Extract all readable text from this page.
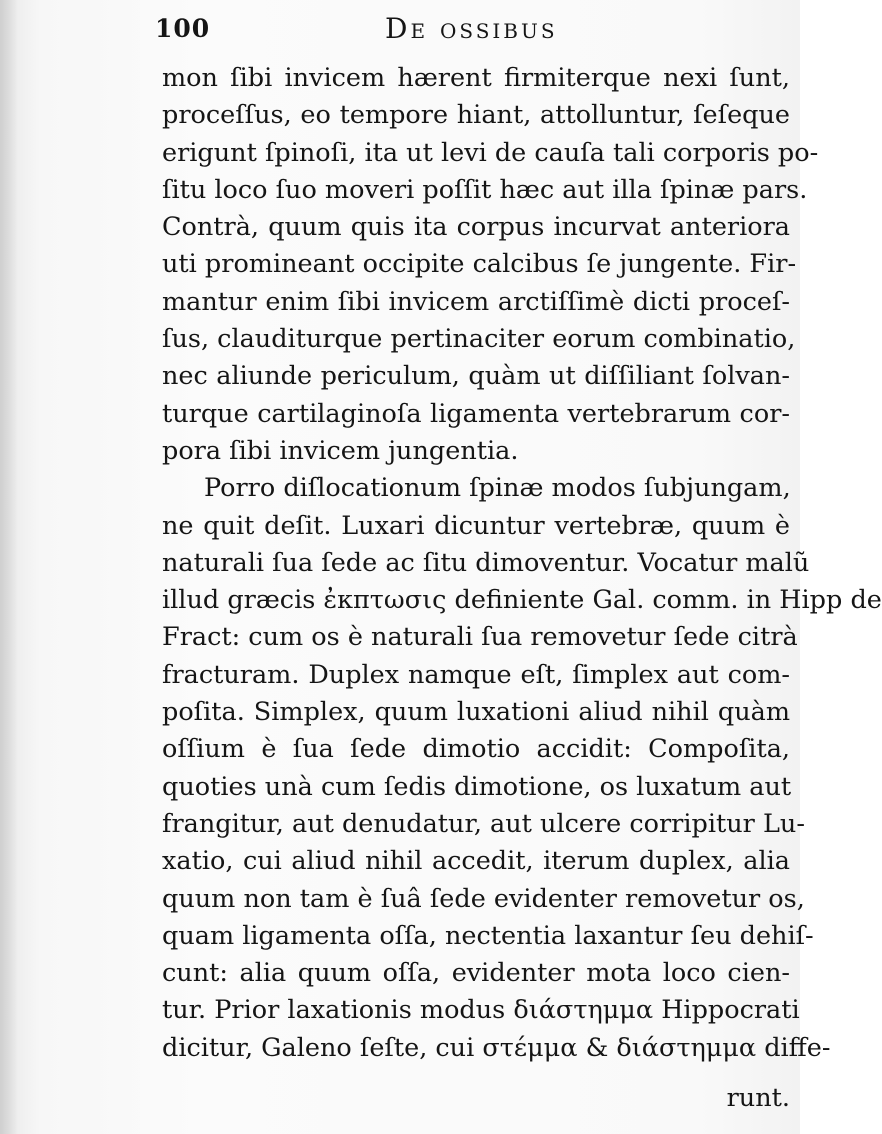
100	De ossibus
mon ſibi invicem hærent firmiterque nexi ſunt,
proceſſus, eo tempore hiant, attolluntur, ſeſeque
erigunt ſpinoſi, ita ut levi de cauſa tali corporis po-
ſitu loco ſuo moveri poſſit hæc aut illa ſpinæ pars.
Contrà, quum quis ita corpus incurvat anteriora
uti promineant occipite calcibus ſe jungente. Fir-
mantur enim ſibi invicem arctiſſimè dicti proceſ-
ſus, clauditurque pertinaciter eorum combinatio,
nec aliunde periculum, quàm ut diſſiliant ſolvan-
turque cartilaginoſa ligamenta vertebrarum cor-
pora ſibi invicem jungentia.
Porro diſlocationum ſpinæ modos ſubjungam,
ne quit deſit. Luxari dicuntur vertebræ, quum è
naturali ſua ſede ac ſitu dimoventur. Vocatur malũ
illud græcis ἐκπτωσις definiente Gal. comm. in Hipp de
Fract: cum os è naturali ſua removetur ſede citrà
fracturam. Duplex namque eſt, ſimplex aut com-
poſita. Simplex, quum luxationi aliud nihil quàm
oſſium è ſua ſede dimotio accidit: Compoſita,
quoties unà cum ſedis dimotione, os luxatum aut
frangitur, aut denudatur, aut ulcere corripitur Lu-
xatio, cui aliud nihil accedit, iterum duplex, alia
quum non tam è ſuâ ſede evidenter removetur os,
quam ligamenta oſſa, nectentia laxantur ſeu dehiſ-
cunt: alia quum oſſa, evidenter mota loco cien-
tur. Prior laxationis modus διάστημμα Hippocrati
dicitur, Galeno ſeſte, cui στέμμα & διάστημμα diffe-
runt.
